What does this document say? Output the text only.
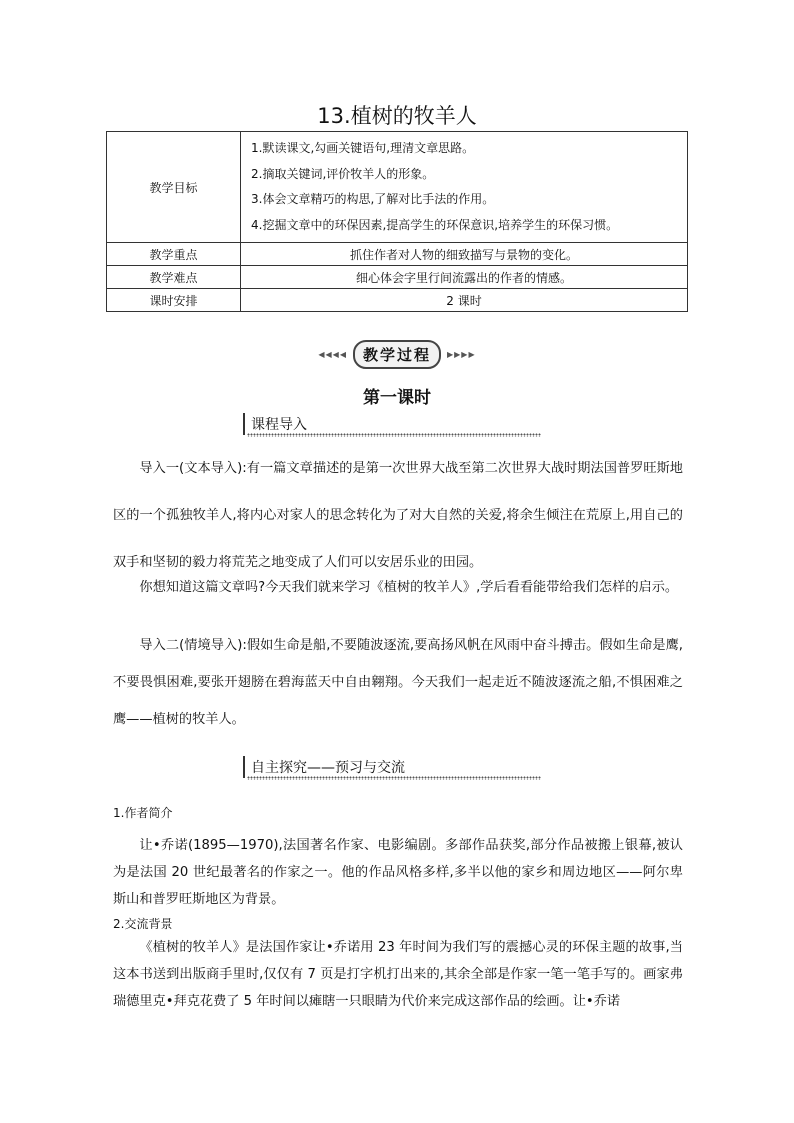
13.植树的牧羊人
教学目标	1.默读课文,勾画关键语句,理清文章思路。
2.摘取关键词,评价牧羊人的形象。
3.体会文章精巧的构思,了解对比手法的作用。
4.挖掘文章中的环保因素,提高学生的环保意识,培养学生的环保习惯。

教学重点	抓住作者对人物的细致描写与景物的变化。
教学难点	细心体会字里行间流露出的作者的情感。
课时安排	2 课时
◀◀◀◀	教学过程	▶▶▶▶
第一课时
课程导入

导入一(文本导入):有一篇文章描述的是第一次世界大战至第二次世界大战时期法国普罗旺斯地区的一个孤独牧羊人,将内心对家人的思念转化为了对大自然的关爱,将余生倾注在荒原上,用自己的双手和坚韧的毅力将荒芜之地变成了人们可以安居乐业的田园。

你想知道这篇文章吗?今天我们就来学习《植树的牧羊人》,学后看看能带给我们怎样的启示。

导入二(情境导入):假如生命是船,不要随波逐流,要高扬风帆在风雨中奋斗搏击。假如生命是鹰,不要畏惧困难,要张开翅膀在碧海蓝天中自由翱翔。今天我们一起走近不随波逐流之船,不惧困难之鹰——植树的牧羊人。

自主探究——预习与交流
1.作者简介

让•乔诺(1895—1970),法国著名作家、电影编剧。多部作品获奖,部分作品被搬上银幕,被认为是法国 20 世纪最著名的作家之一。他的作品风格多样,多半以他的家乡和周边地区——阿尔卑斯山和普罗旺斯地区为背景。

2.交流背景

《植树的牧羊人》是法国作家让•乔诺用 23 年时间为我们写的震撼心灵的环保主题的故事,当这本书送到出版商手里时,仅仅有 7 页是打字机打出来的,其余全部是作家一笔一笔手写的。画家弗瑞德里克•拜克花费了 5 年时间以瘫瞎一只眼睛为代价来完成这部作品的绘画。让•乔诺
